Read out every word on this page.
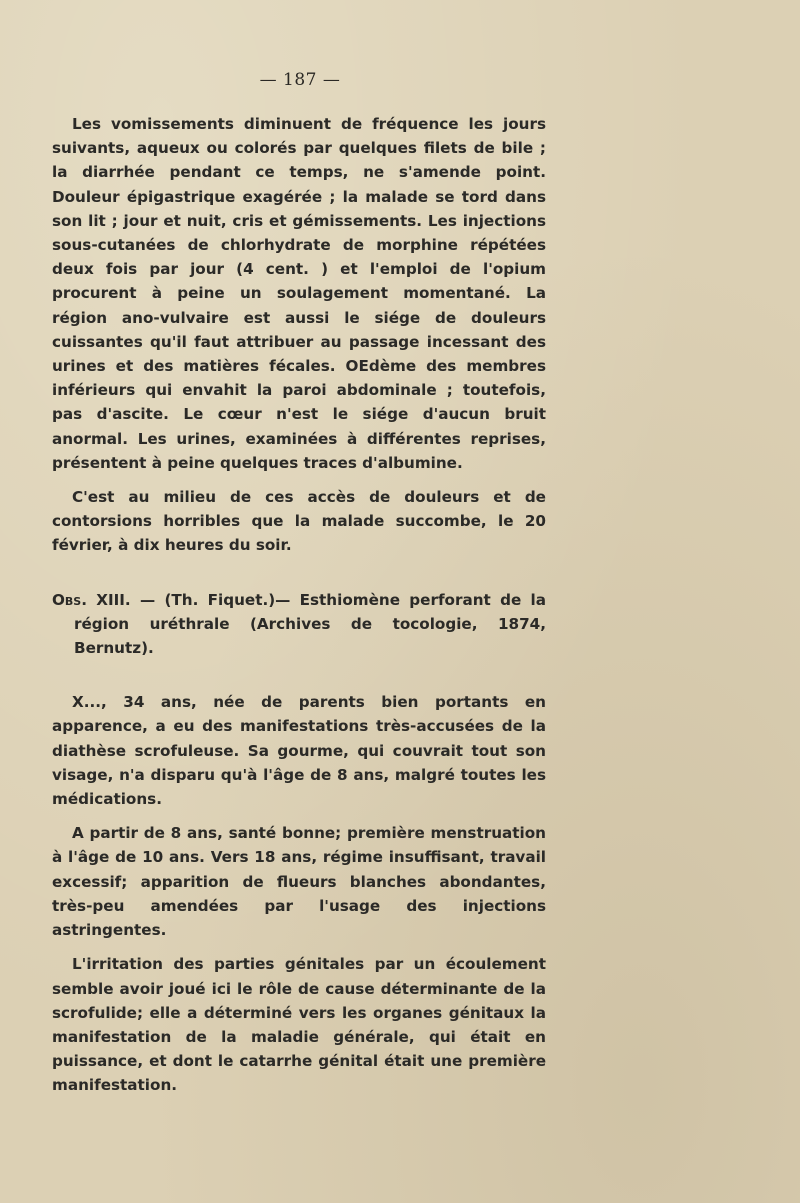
— 187 —

Les vomissements diminuent de fréquence les jours suivants, aqueux ou colorés par quelques filets de bile ; la diarrhée pendant ce temps, ne s'amende point. Douleur épigastrique exagérée ; la malade se tord dans son lit ; jour et nuit, cris et gémissements. Les injections sous-cutanées de chlorhydrate de morphine répétées deux fois par jour (4 cent. ) et l'emploi de l'opium procurent à peine un soulagement momentané. La région ano-vulvaire est aussi le siége de douleurs cuissantes qu'il faut attribuer au passage incessant des urines et des matières fécales. OEdème des membres inférieurs qui envahit la paroi abdominale ; toutefois, pas d'ascite. Le cœur n'est le siége d'aucun bruit anormal. Les urines, examinées à différentes reprises, présentent à peine quelques traces d'albumine.

C'est au milieu de ces accès de douleurs et de contorsions horribles que la malade succombe, le 20 février, à dix heures du soir.

Obs. XIII. — (Th. Fiquet.)— Esthiomène perforant de la région uréthrale (Archives de tocologie, 1874, Bernutz).

X..., 34 ans, née de parents bien portants en apparence, a eu des manifestations très-accusées de la diathèse scrofuleuse. Sa gourme, qui couvrait tout son visage, n'a disparu qu'à l'âge de 8 ans, malgré toutes les médications.

A partir de 8 ans, santé bonne; première menstruation à l'âge de 10 ans. Vers 18 ans, régime insuffisant, travail excessif; apparition de flueurs blanches abondantes, très-peu amendées par l'usage des injections astringentes.

L'irritation des parties génitales par un écoulement semble avoir joué ici le rôle de cause déterminante de la scrofulide; elle a déterminé vers les organes génitaux la manifestation de la maladie générale, qui était en puissance, et dont le catarrhe génital était une première manifestation.
